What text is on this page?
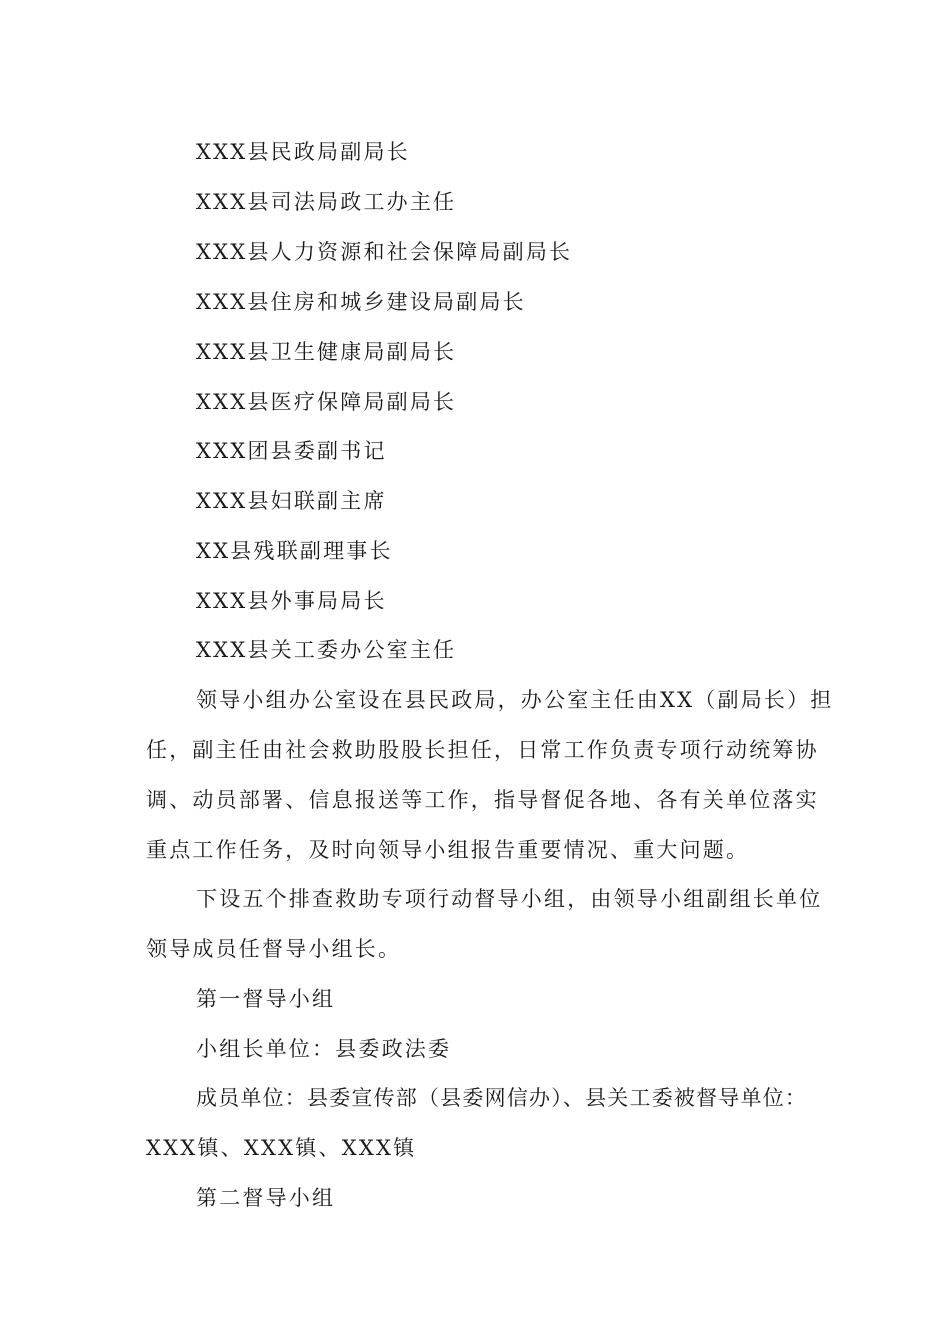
XXX县民政局副局长
XXX县司法局政工办主任
XXX县人力资源和社会保障局副局长
XXX县住房和城乡建设局副局长
XXX县卫生健康局副局长
XXX县医疗保障局副局长
XXX团县委副书记
XXX县妇联副主席
XX县残联副理事长
XXX县外事局局长
XXX县关工委办公室主任
领导小组办公室设在县民政局，办公室主任由XX（副局长）担
任，副主任由社会救助股股长担任，日常工作负责专项行动统筹协
调、动员部署、信息报送等工作，指导督促各地、各有关单位落实
重点工作任务，及时向领导小组报告重要情况、重大问题。
下设五个排查救助专项行动督导小组，由领导小组副组长单位
领导成员任督导小组长。
第一督导小组
小组长单位：县委政法委
成员单位：县委宣传部（县委网信办）、县关工委被督导单位：
XXX镇、XXX镇、XXX镇
第二督导小组
